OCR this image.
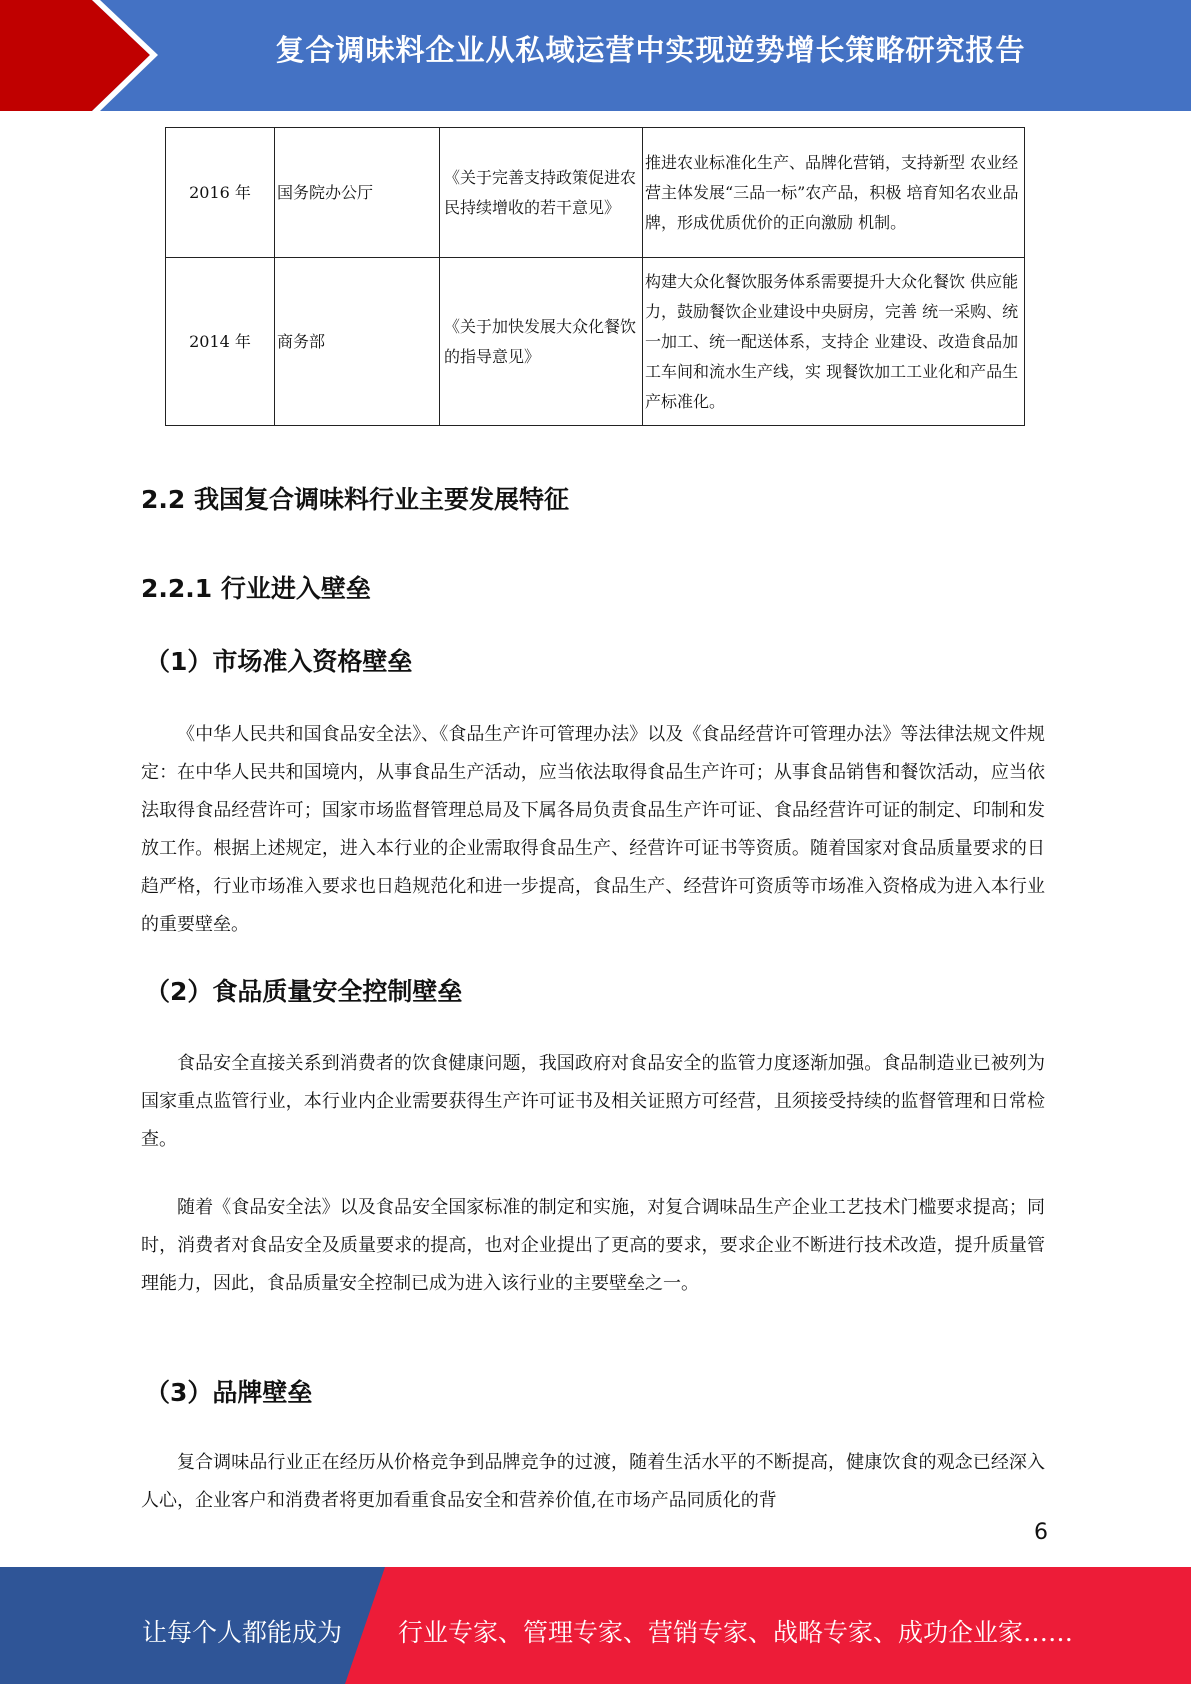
复合调味料企业从私域运营中实现逆势增长策略研究报告
2016 年	国务院办公厅	《关于完善支持政策促进农民持续增收的若干意见》	推进农业标准化生产、品牌化营销，支持新型 农业经营主体发展“三品一标”农产品，积极 培育知名农业品牌，形成优质优价的正向激励 机制。
2014 年	商务部	《关于加快发展大众化餐饮的指导意见》	构建大众化餐饮服务体系需要提升大众化餐饮 供应能力，鼓励餐饮企业建设中央厨房，完善 统一采购、统一加工、统一配送体系，支持企 业建设、改造食品加工车间和流水生产线，实 现餐饮加工工业化和产品生产标准化。
2.2 我国复合调味料行业主要发展特征
2.2.1 行业进入壁垒
（1）市场准入资格壁垒

《中华人民共和国食品安全法》、《食品生产许可管理办法》以及《食品经营许可管理办法》等法律法规文件规定：在中华人民共和国境内，从事食品生产活动，应当依法取得食品生产许可；从事食品销售和餐饮活动，应当依法取得食品经营许可；国家市场监督管理总局及下属各局负责食品生产许可证、食品经营许可证的制定、印制和发放工作。根据上述规定，进入本行业的企业需取得食品生产、经营许可证书等资质。随着国家对食品质量要求的日趋严格，行业市场准入要求也日趋规范化和进一步提高，食品生产、经营许可资质等市场准入资格成为进入本行业的重要壁垒。

（2）食品质量安全控制壁垒

食品安全直接关系到消费者的饮食健康问题，我国政府对食品安全的监管力度逐渐加强。食品制造业已被列为国家重点监管行业，本行业内企业需要获得生产许可证书及相关证照方可经营，且须接受持续的监督管理和日常检查。

随着《食品安全法》以及食品安全国家标准的制定和实施，对复合调味品生产企业工艺技术门槛要求提高；同时，消费者对食品安全及质量要求的提高，也对企业提出了更高的要求，要求企业不断进行技术改造，提升质量管理能力，因此，食品质量安全控制已成为进入该行业的主要壁垒之一。

（3）品牌壁垒

复合调味品行业正在经历从价格竞争到品牌竞争的过渡，随着生活水平的不断提高，健康饮食的观念已经深入人心，企业客户和消费者将更加看重食品安全和营养价值,在市场产品同质化的背

6
让每个人都能成为 行业专家、管理专家、营销专家、战略专家、成功企业家……
